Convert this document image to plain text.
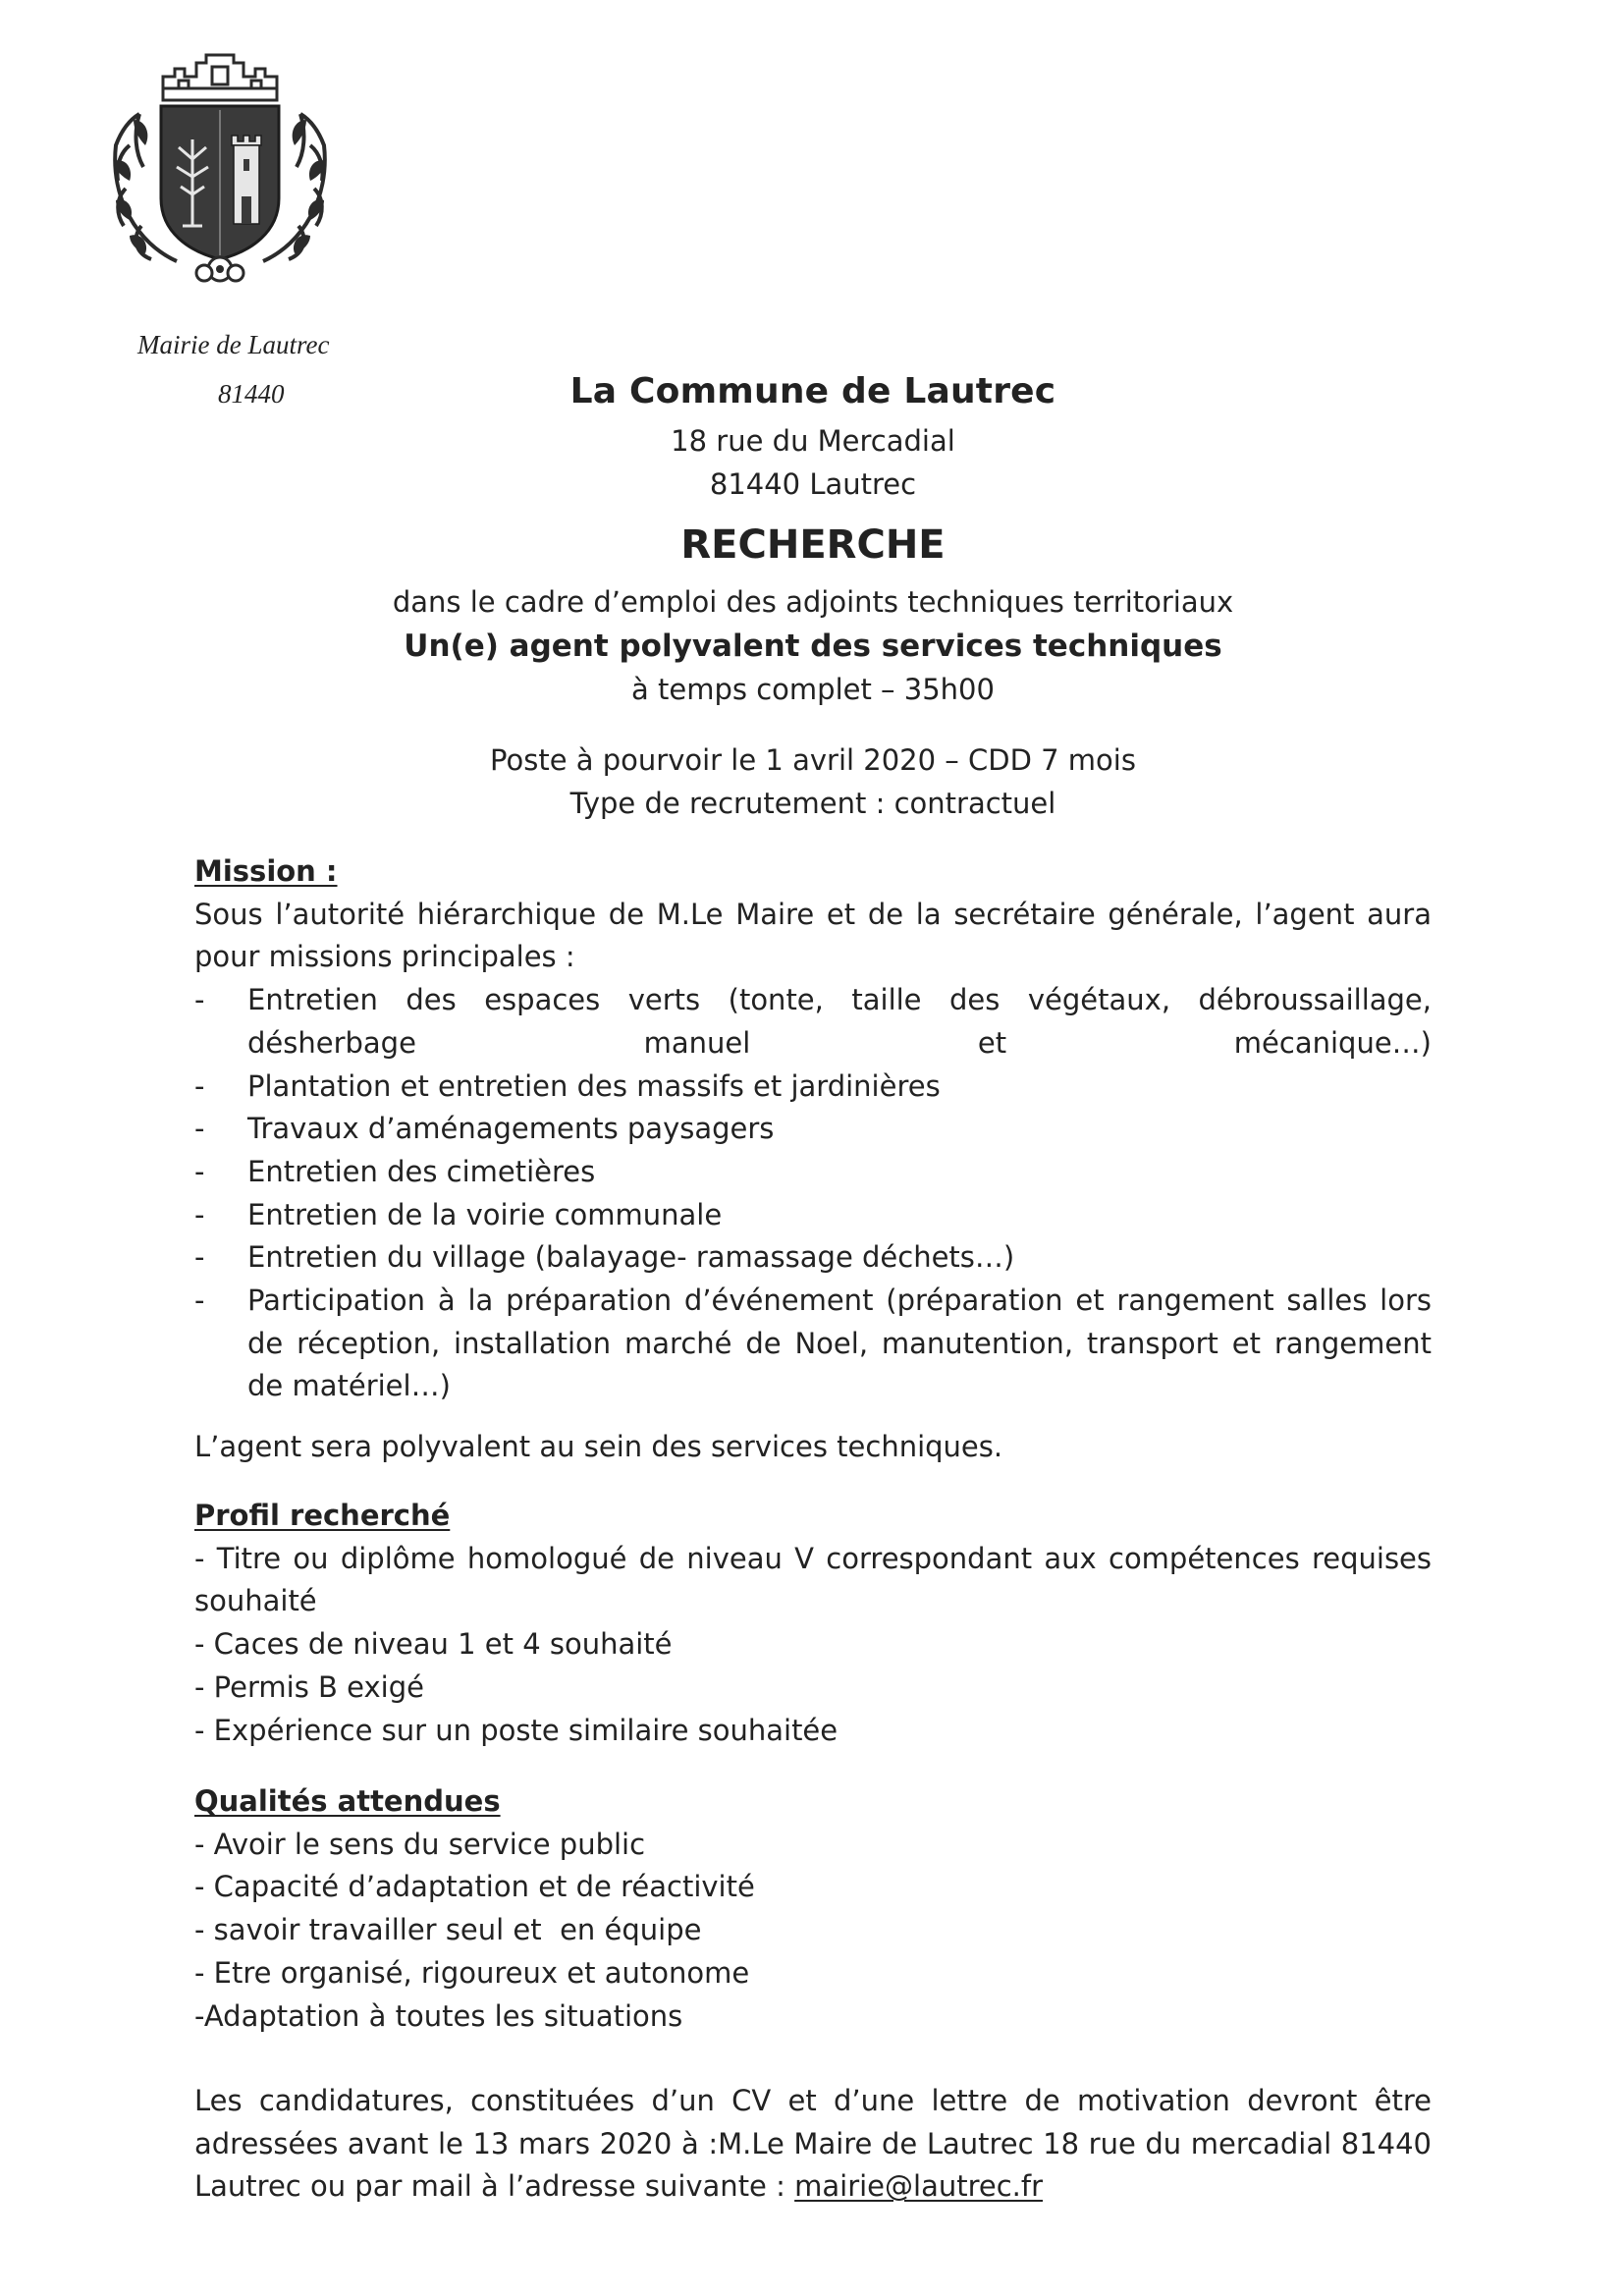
Mairie de Lautrec
81440	La Commune de Lautrec
18 rue du Mercadial
81440 Lautrec
RECHERCHE
dans le cadre d’emploi des adjoints techniques territoriaux
Un(e) agent polyvalent des services techniques
à temps complet – 35h00
Poste à pourvoir le 1 avril 2020 – CDD 7 mois
Type de recrutement : contractuel

Mission :

Sous l’autorité hiérarchique de M.Le Maire et de la secrétaire générale, l’agent aura pour missions principales :

-	Entretien des espaces verts (tonte, taille des végétaux, débroussaillage, désherbage manuel et mécanique…)
-	Plantation et entretien des massifs et jardinières
-	Travaux d’aménagements paysagers
-	Entretien des cimetières
-	Entretien de la voirie communale
-	Entretien du village (balayage- ramassage déchets…)
-	Participation à la préparation d’événement (préparation et rangement salles lors de réception, installation marché de Noel, manutention, transport et rangement de matériel…)
L’agent sera polyvalent au sein des services techniques.

Profil recherché

- Titre ou diplôme homologué de niveau V correspondant aux compétences requises souhaité

- Caces de niveau 1 et 4 souhaité

- Permis B exigé

- Expérience sur un poste similaire souhaitée

Qualités attendues

- Avoir le sens du service public

- Capacité d’adaptation et de réactivité

- savoir travailler seul et  en équipe

- Etre organisé, rigoureux et autonome

-Adaptation à toutes les situations

Les candidatures, constituées d’un CV et d’une lettre de motivation devront être adressées avant le 13 mars 2020 à :M.Le Maire de Lautrec 18 rue du mercadial 81440 Lautrec ou par mail à l’adresse suivante : mairie@lautrec.fr
